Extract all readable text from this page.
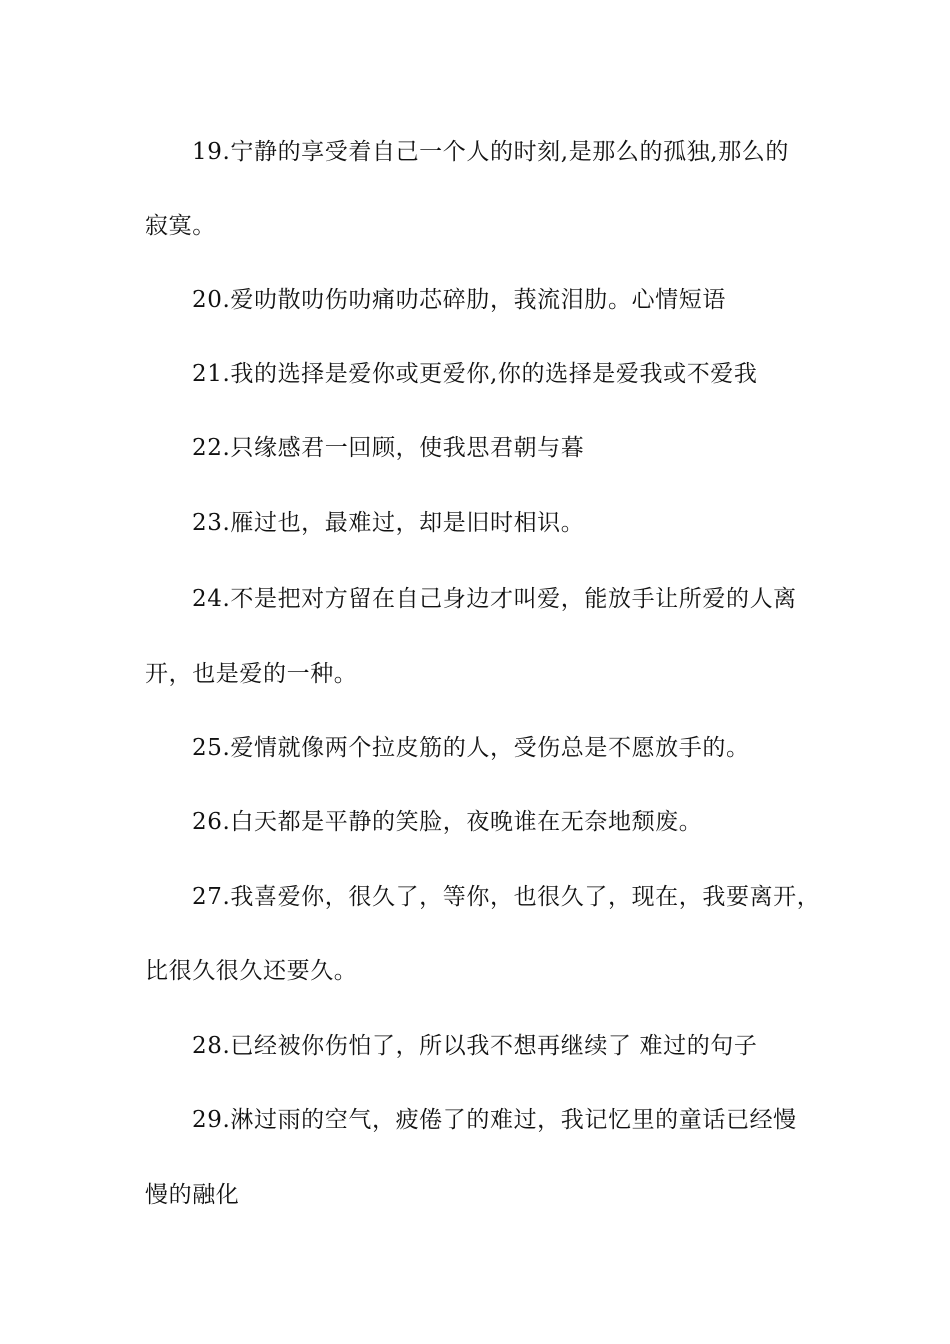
19.宁静的享受着自己一个人的时刻,是那么的孤独,那么的
寂寞。
20.爱叻散叻伤叻痛叻芯碎肋，莪流泪肋。心情短语
21.我的选择是爱你或更爱你,你的选择是爱我或不爱我
22.只缘感君一回顾，使我思君朝与暮
23.雁过也，最难过，却是旧时相识。
24.不是把对方留在自己身边才叫爱，能放手让所爱的人离
开，也是爱的一种。
25.爱情就像两个拉皮筋的人，受伤总是不愿放手的。
26.白天都是平静的笑脸，夜晚谁在无奈地颓废。
27.我喜爱你，很久了，等你，也很久了，现在，我要离开，
比很久很久还要久。
28.已经被你伤怕了，所以我不想再继续了 难过的句子
29.淋过雨的空气，疲倦了的难过，我记忆里的童话已经慢
慢的融化
